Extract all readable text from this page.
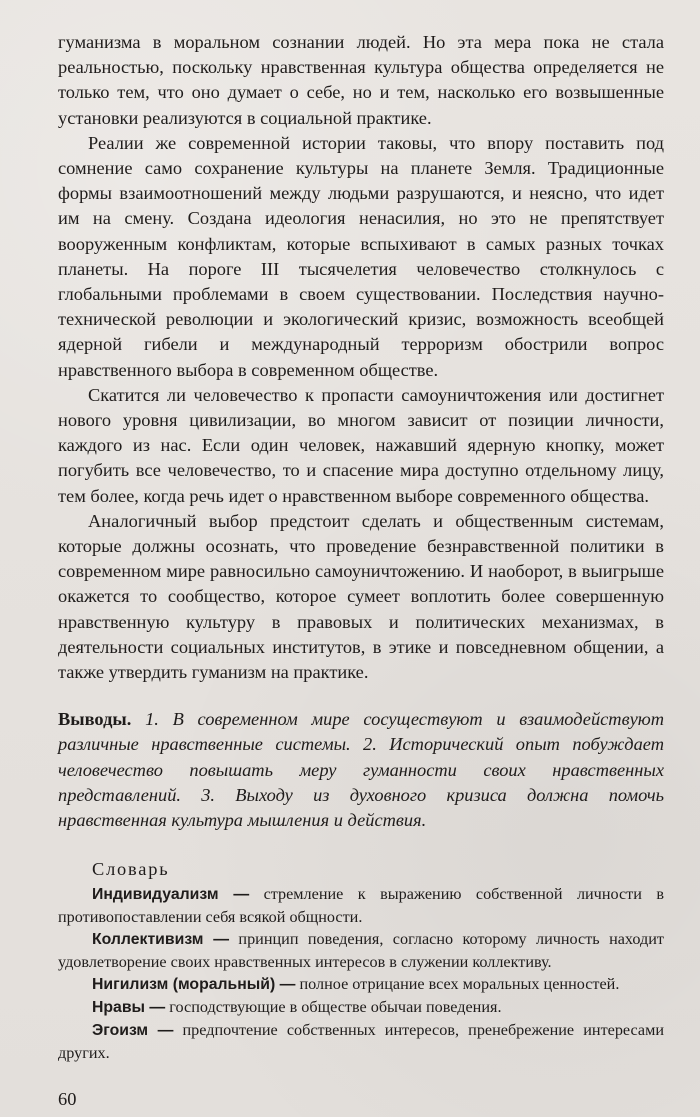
гуманизма в моральном сознании людей. Но эта мера пока не стала реальностью, поскольку нравственная культура общества определяется не только тем, что оно думает о себе, но и тем, насколько его возвышенные установки реализуются в социальной практике.

Реалии же современной истории таковы, что впору поставить под сомнение само сохранение культуры на планете Земля. Традиционные формы взаимоотношений между людьми разрушаются, и неясно, что идет им на смену. Создана идеология ненасилия, но это не препятствует вооруженным конфликтам, которые вспыхивают в самых разных точках планеты. На пороге III тысячелетия человечество столкнулось с глобальными проблемами в своем существовании. Последствия научно-технической революции и экологический кризис, возможность всеобщей ядерной гибели и международный терроризм обострили вопрос нравственного выбора в современном обществе.

Скатится ли человечество к пропасти самоуничтожения или достигнет нового уровня цивилизации, во многом зависит от позиции личности, каждого из нас. Если один человек, нажавший ядерную кнопку, может погубить все человечество, то и спасение мира доступно отдельному лицу, тем более, когда речь идет о нравственном выборе современного общества.

Аналогичный выбор предстоит сделать и общественным системам, которые должны осознать, что проведение безнравственной политики в современном мире равносильно самоуничтожению. И наоборот, в выигрыше окажется то сообщество, которое сумеет воплотить более совершенную нравственную культуру в правовых и политических механизмах, в деятельности социальных институтов, в этике и повседневном общении, а также утвердить гуманизм на практике.

Выводы. 1. В современном мире сосуществуют и взаимодействуют различные нравственные системы. 2. Исторический опыт побуждает человечество повышать меру гуманности своих нравственных представлений. 3. Выходу из духовного кризиса должна помочь нравственная культура мышления и действия.

Словарь

Индивидуализм — стремление к выражению собственной личности в противопоставлении себя всякой общности.

Коллективизм — принцип поведения, согласно которому личность находит удовлетворение своих нравственных интересов в служении коллективу.

Нигилизм (моральный) — полное отрицание всех моральных ценностей.

Нравы — господствующие в обществе обычаи поведения.

Эгоизм — предпочтение собственных интересов, пренебрежение интересами других.

60
